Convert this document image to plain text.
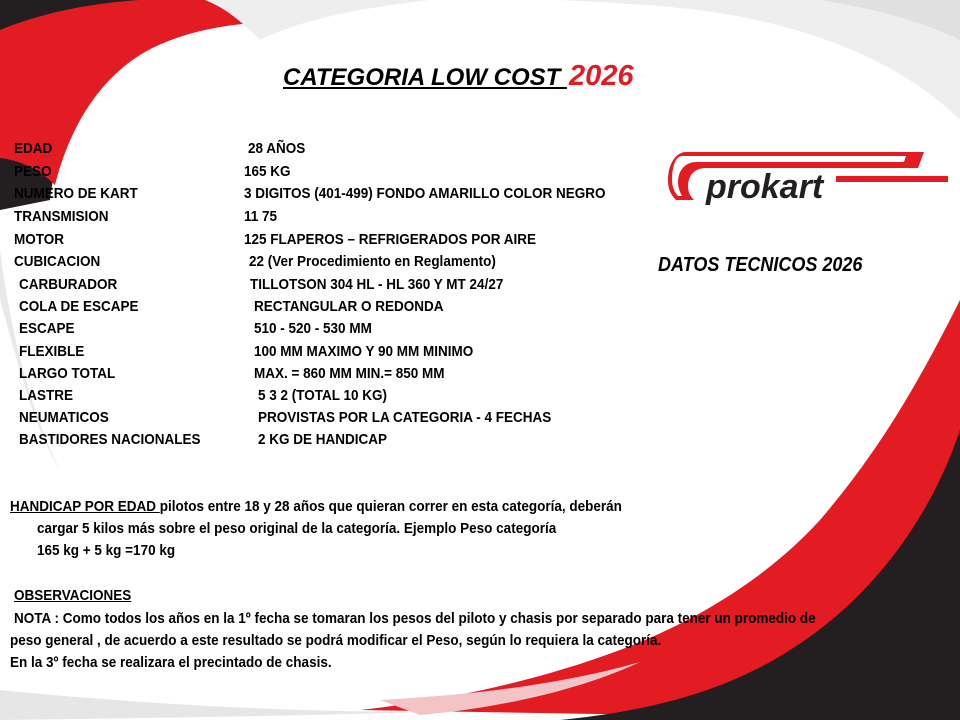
CATEGORIA LOW COST 2026
EDAD	28 AÑOS
PESO	165 KG
NUMERO DE KART	3 DIGITOS (401-499) FONDO AMARILLO COLOR NEGRO
TRANSMISION	11 75
MOTOR	125 FLAPEROS – REFRIGERADOS POR AIRE
CUBICACION	22 (Ver Procedimiento en Reglamento)
CARBURADOR	TILLOTSON 304 HL - HL 360 Y MT 24/27
COLA DE ESCAPE	RECTANGULAR O REDONDA
ESCAPE	510 - 520 - 530 MM
FLEXIBLE	100 MM MAXIMO Y 90 MM MINIMO
LARGO TOTAL	MAX. = 860 MM MIN.= 850 MM
LASTRE	5 3 2 (TOTAL 10 KG)
NEUMATICOS	PROVISTAS POR LA CATEGORIA - 4 FECHAS
BASTIDORES NACIONALES	2 KG DE HANDICAP
prokart
DATOS TECNICOS 2026
HANDICAP POR EDAD pilotos entre 18 y 28 años que quieran correr en esta categoría, deberán
cargar 5 kilos más sobre el peso original de la categoría. Ejemplo Peso categoría
165 kg + 5 kg =170 kg
OBSERVACIONES
NOTA : Como todos los años en la 1º fecha se tomaran los pesos del piloto y chasis por separado para tener un promedio de
peso general , de acuerdo a este resultado se podrá modificar el Peso, según lo requiera la categoría.
En la 3º fecha se realizara el precintado de chasis.
